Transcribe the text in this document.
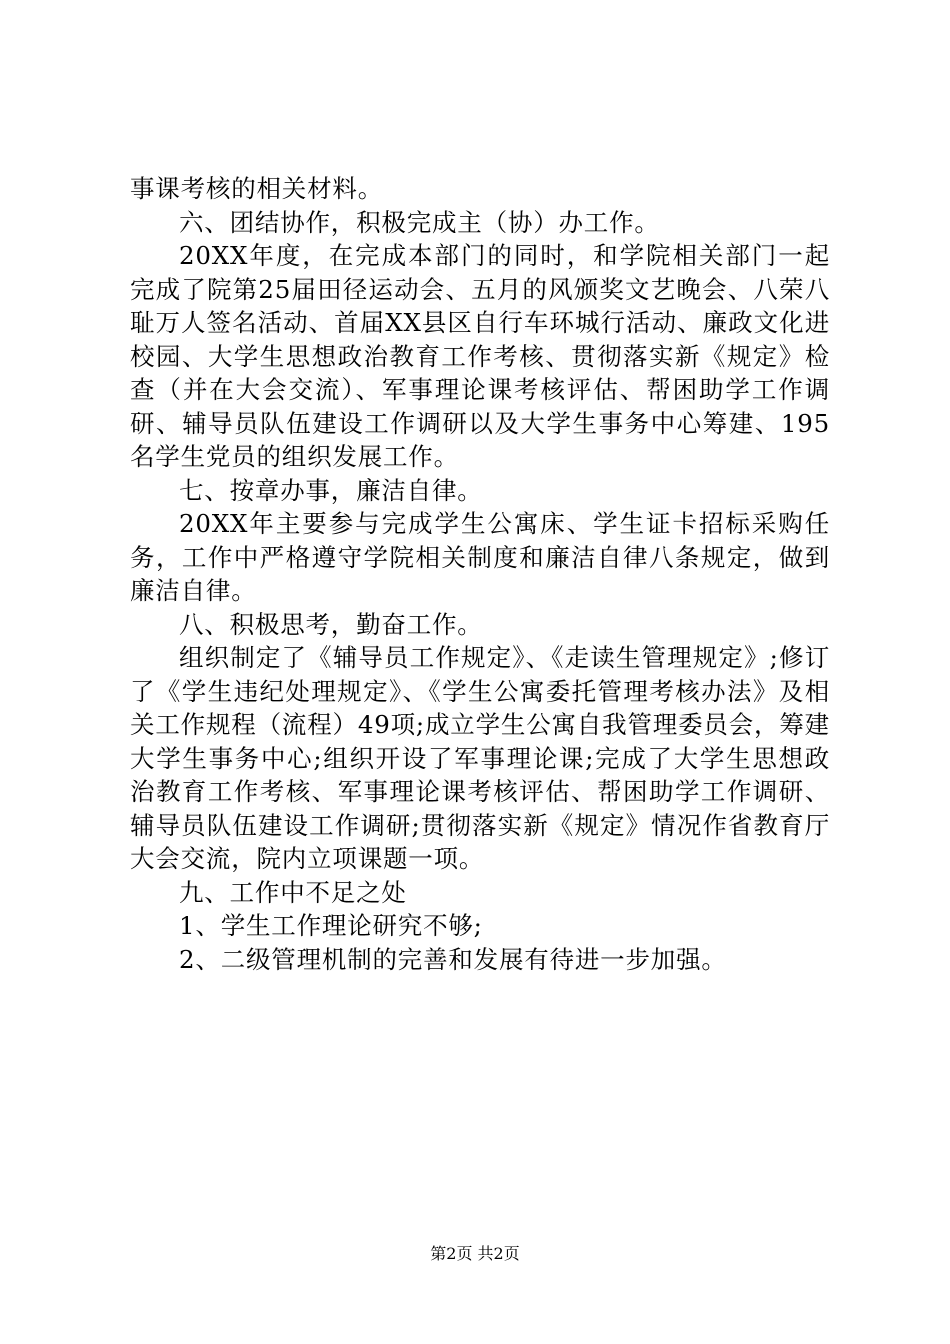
事课考核的相关材料。

六、团结协作，积极完成主（协）办工作。

20XX年度，在完成本部门的同时，和学院相关部门一起完成了院第25届田径运动会、五月的风颁奖文艺晚会、八荣八耻万人签名活动、首届XX县区自行车环城行活动、廉政文化进校园、大学生思想政治教育工作考核、贯彻落实新《规定》检查（并在大会交流）、军事理论课考核评估、帮困助学工作调研、辅导员队伍建设工作调研以及大学生事务中心筹建、195名学生党员的组织发展工作。

七、按章办事，廉洁自律。

20XX年主要参与完成学生公寓床、学生证卡招标采购任务，工作中严格遵守学院相关制度和廉洁自律八条规定，做到廉洁自律。

八、积极思考，勤奋工作。

组织制定了《辅导员工作规定》、《走读生管理规定》;修订了《学生违纪处理规定》、《学生公寓委托管理考核办法》及相关工作规程（流程）49项;成立学生公寓自我管理委员会，筹建大学生事务中心;组织开设了军事理论课;完成了大学生思想政治教育工作考核、军事理论课考核评估、帮困助学工作调研、辅导员队伍建设工作调研;贯彻落实新《规定》情况作省教育厅大会交流，院内立项课题一项。

九、工作中不足之处

1、学生工作理论研究不够;

2、二级管理机制的完善和发展有待进一步加强。

第2页 共2页
